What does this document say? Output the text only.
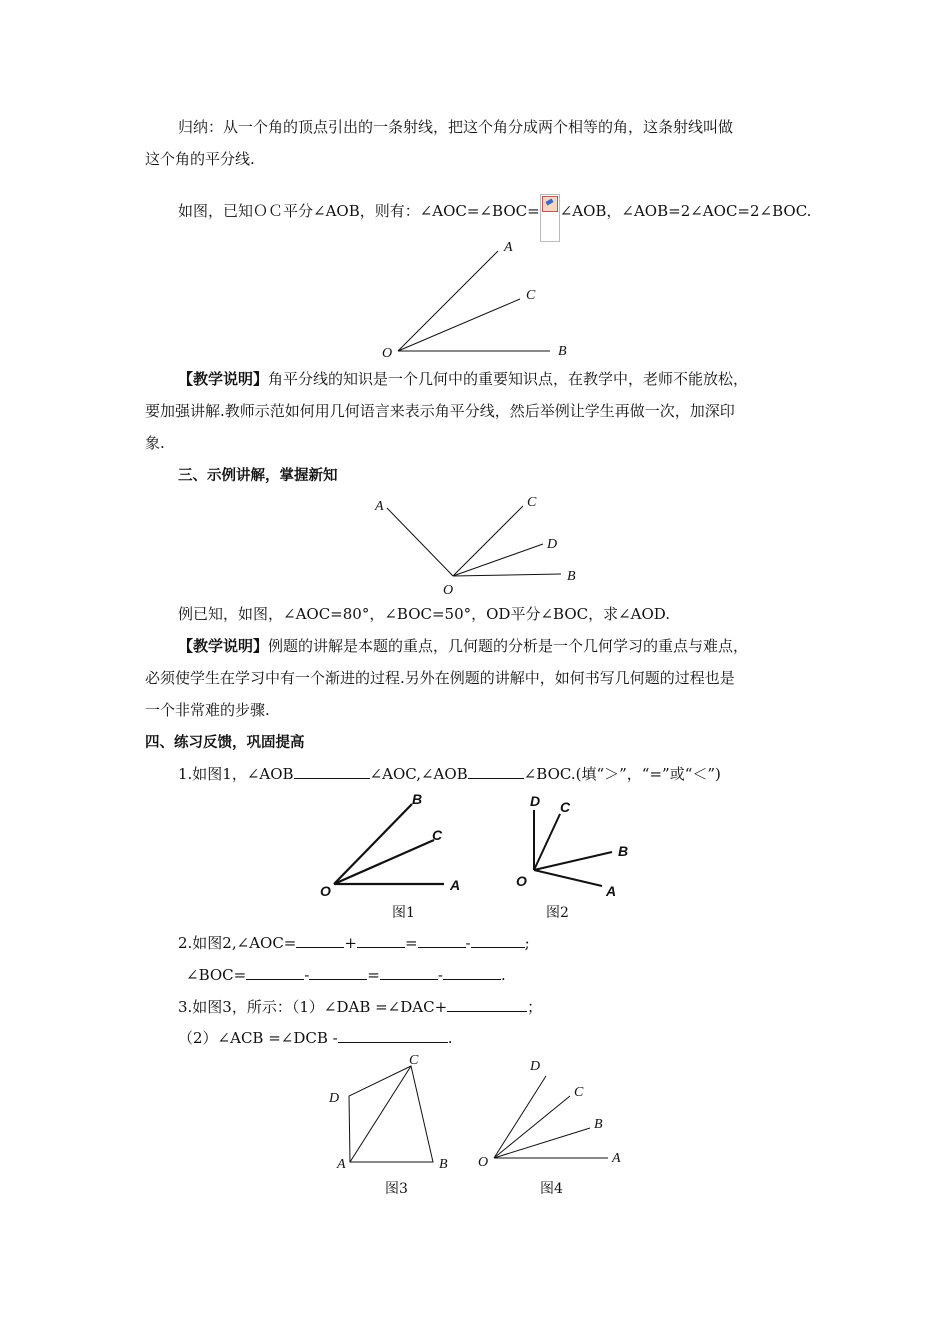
归纳：从一个角的顶点引出的一条射线，把这个角分成两个相等的角，这条射线叫做

这个角的平分线.

如图，已知ＯＣ平分∠AOB，则有：∠AOC=∠BOC= ∠AOB，∠AOB=2∠AOC=2∠BOC.

A
C
O	B

【教学说明】角平分线的知识是一个几何中的重要知识点，在教学中，老师不能放松，

要加强讲解.教师示范如何用几何语言来表示角平分线，然后举例让学生再做一次，加深印

象.

三、示例讲解，掌握新知

A	C
D
O
B

例已知，如图，∠AOC=80°，∠BOC=50°，OD平分∠BOC，求∠AOD.

【教学说明】例题的讲解是本题的重点，几何题的分析是一个几何学习的重点与难点，

必须使学生在学习中有一个渐进的过程.另外在例题的讲解中，如何书写几何题的过程也是

一个非常难的步骤.

四、练习反馈，巩固提高

1.如图1，∠AOB	∠AOC,∠AOB	∠BOC.(填“＞”，“=”或“＜”)

B
C
O	A
图1
D C
B
O
A
图2

2.如图2,∠AOC=	+	=	-	;

∠BOC=	-	=	-	.

3.如图3，所示：（1）∠DAB =∠DAC+	；

（2）∠ACB =∠DCB -	.

C
D
A	B
图3
D
C
B
O	A
图4
